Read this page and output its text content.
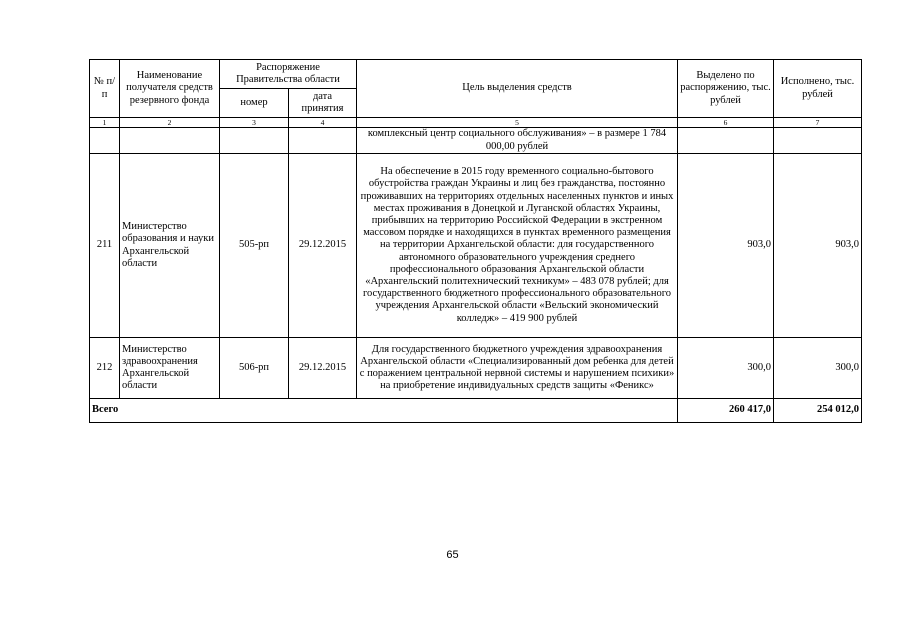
№ п/п	Наименование получателя средств резервного фонда	Распоряжение Правительства области		Цель выделения средств	Выделено по распоряжению, тыс. рублей	Исполнено, тыс. рублей
		номер	дата принятия			
1	2	3	4	5	6	7
				комплексный центр социального обслуживания» – в размере 1 784 000,00 рублей		
211	Министерство образования и науки Архангельской области	505-рп	29.12.2015	На обеспечение в 2015 году временного социально-бытового обустройства граждан Украины и лиц без гражданства, постоянно проживавших на территориях отдельных населенных пунктов и иных местах проживания в Донецкой и Луганской областях Украины, прибывших на территорию Российской Федерации в экстренном массовом порядке и находящихся в пунктах временного размещения на территории Архангельской области: для государственного автономного образовательного учреждения среднего профессионального образования Архангельской области «Архангельский политехнический техникум» – 483 078 рублей; для государственного бюджетного профессионального образовательного учреждения Архангельской области «Вельский экономический колледж» – 419 900 рублей	903,0	903,0
212	Министерство здравоохранения Архангельской области	506-рп	29.12.2015	Для государственного бюджетного учреждения здравоохранения Архангельской области «Специализированный дом ребенка для детей с поражением центральной нервной системы и нарушением психики» на приобретение индивидуальных средств защиты «Феникс»	300,0	300,0
Всего					260 417,0	254 012,0
65
